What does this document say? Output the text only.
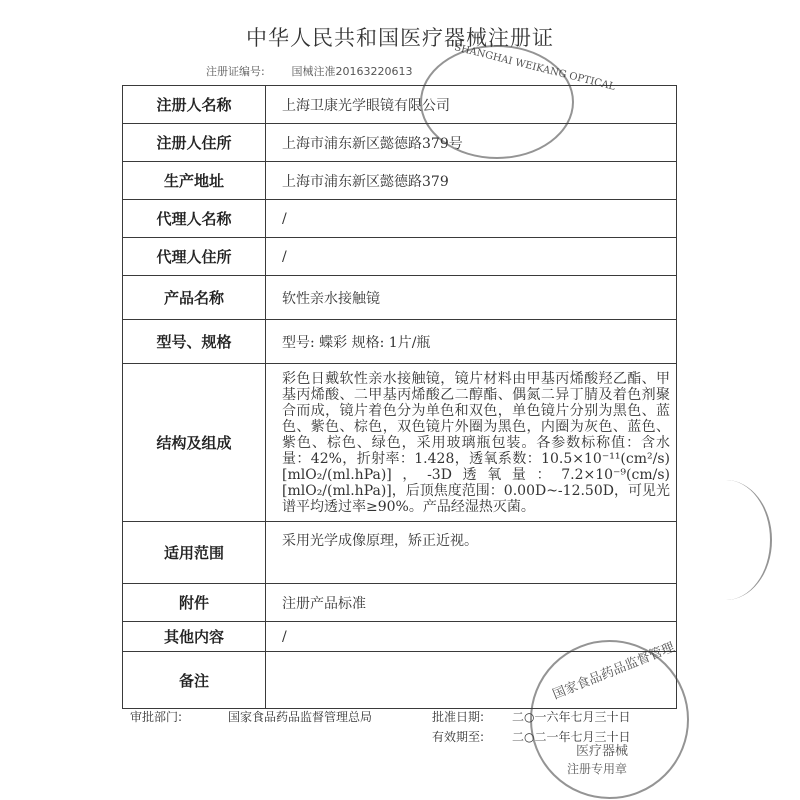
中华人民共和国医疗器械注册证
注册证编号: 国械注准20163220613
注册人名称	上海卫康光学眼镜有限公司
注册人住所	上海市浦东新区懿德路379号
生产地址	上海市浦东新区懿德路379
代理人名称	/
代理人住所	/
产品名称	软性亲水接触镜
型号、规格	型号: 蝶彩 规格: 1片/瓶
结构及组成	彩色日戴软性亲水接触镜，镜片材料由甲基丙烯酸羟乙酯、甲基丙烯酸、二甲基丙烯酸乙二醇酯、偶氮二异丁腈及着色剂聚合而成，镜片着色分为单色和双色，单色镜片分别为黑色、蓝色、紫色、棕色，双色镜片外圈为黑色，内圈为灰色、蓝色、紫色、棕色、绿色，采用玻璃瓶包装。各参数标称值：含水量：42%，折射率：1.428，透氧系数：10.5×10⁻¹¹(cm²/s)[mlO₂/(ml.hPa)]，-3D透氧量：7.2×10⁻⁹(cm/s)[mlO₂/(ml.hPa)]，后顶焦度范围：0.00D~-12.50D，可见光谱平均透过率≥90%。产品经湿热灭菌。
适用范围	采用光学成像原理，矫正近视。
附件	注册产品标准
其他内容	/
备注	
审批部门:	国家食品药品监督管理总局	批准日期: 二○一六年七月三十日
有效期至: 二○二一年七月三十日
SHANGHAI WEIKANG OPTICAL
国家食品药品监督管理
医疗器械
注册专用章
